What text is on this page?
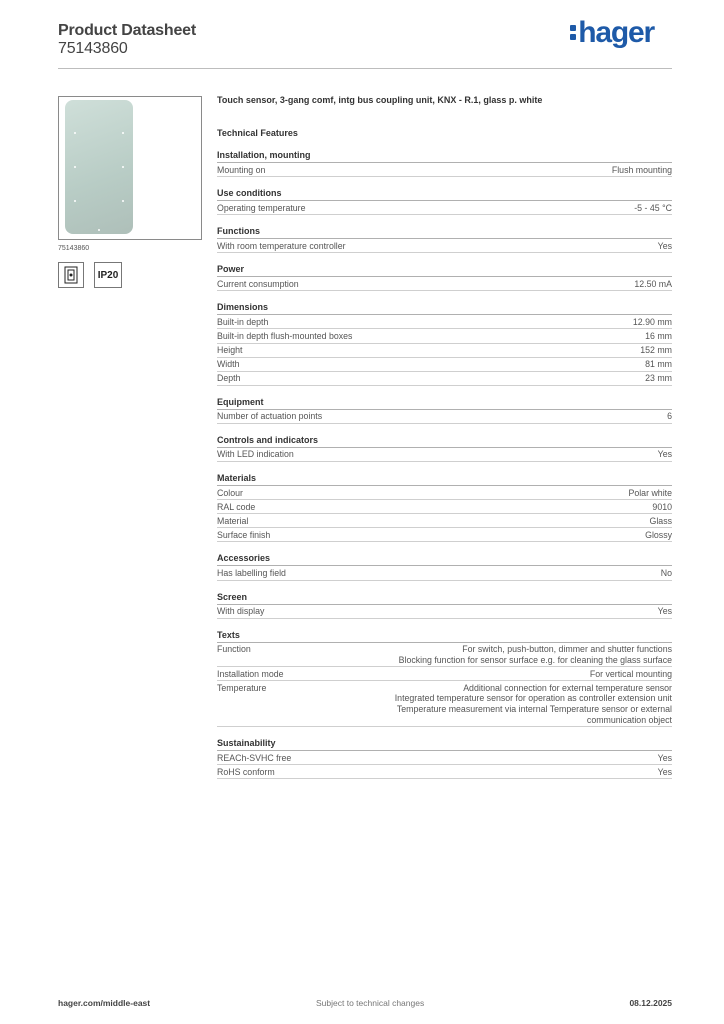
Product Datasheet
75143860	hager
75143860
IP20
Touch sensor, 3-gang comf, intg bus coupling unit, KNX - R.1, glass p. white
Technical Features
Installation, mounting
Mounting on	Flush mounting
Use conditions
Operating temperature	-5 - 45 °C
Functions
With room temperature controller	Yes
Power
Current consumption	12.50 mA
Dimensions
Built-in depth	12.90 mm
Built-in depth flush-mounted boxes	16 mm
Height	152 mm
Width	81 mm
Depth	23 mm
Equipment
Number of actuation points	6
Controls and indicators
With LED indication	Yes
Materials
Colour	Polar white
RAL code	9010
Material	Glass
Surface finish	Glossy
Accessories
Has labelling field	No
Screen
With display	Yes
Texts
Function	For switch, push-button, dimmer and shutter functions
Blocking function for sensor surface e.g. for cleaning the glass surface
Installation mode	For vertical mounting
Temperature	Additional connection for external temperature sensor
Integrated temperature sensor for operation as controller extension unit
Temperature measurement via internal Temperature sensor or external communication object
Sustainability
REACh-SVHC free	Yes
RoHS conform	Yes
hager.com/middle-east	Subject to technical changes	08.12.2025
